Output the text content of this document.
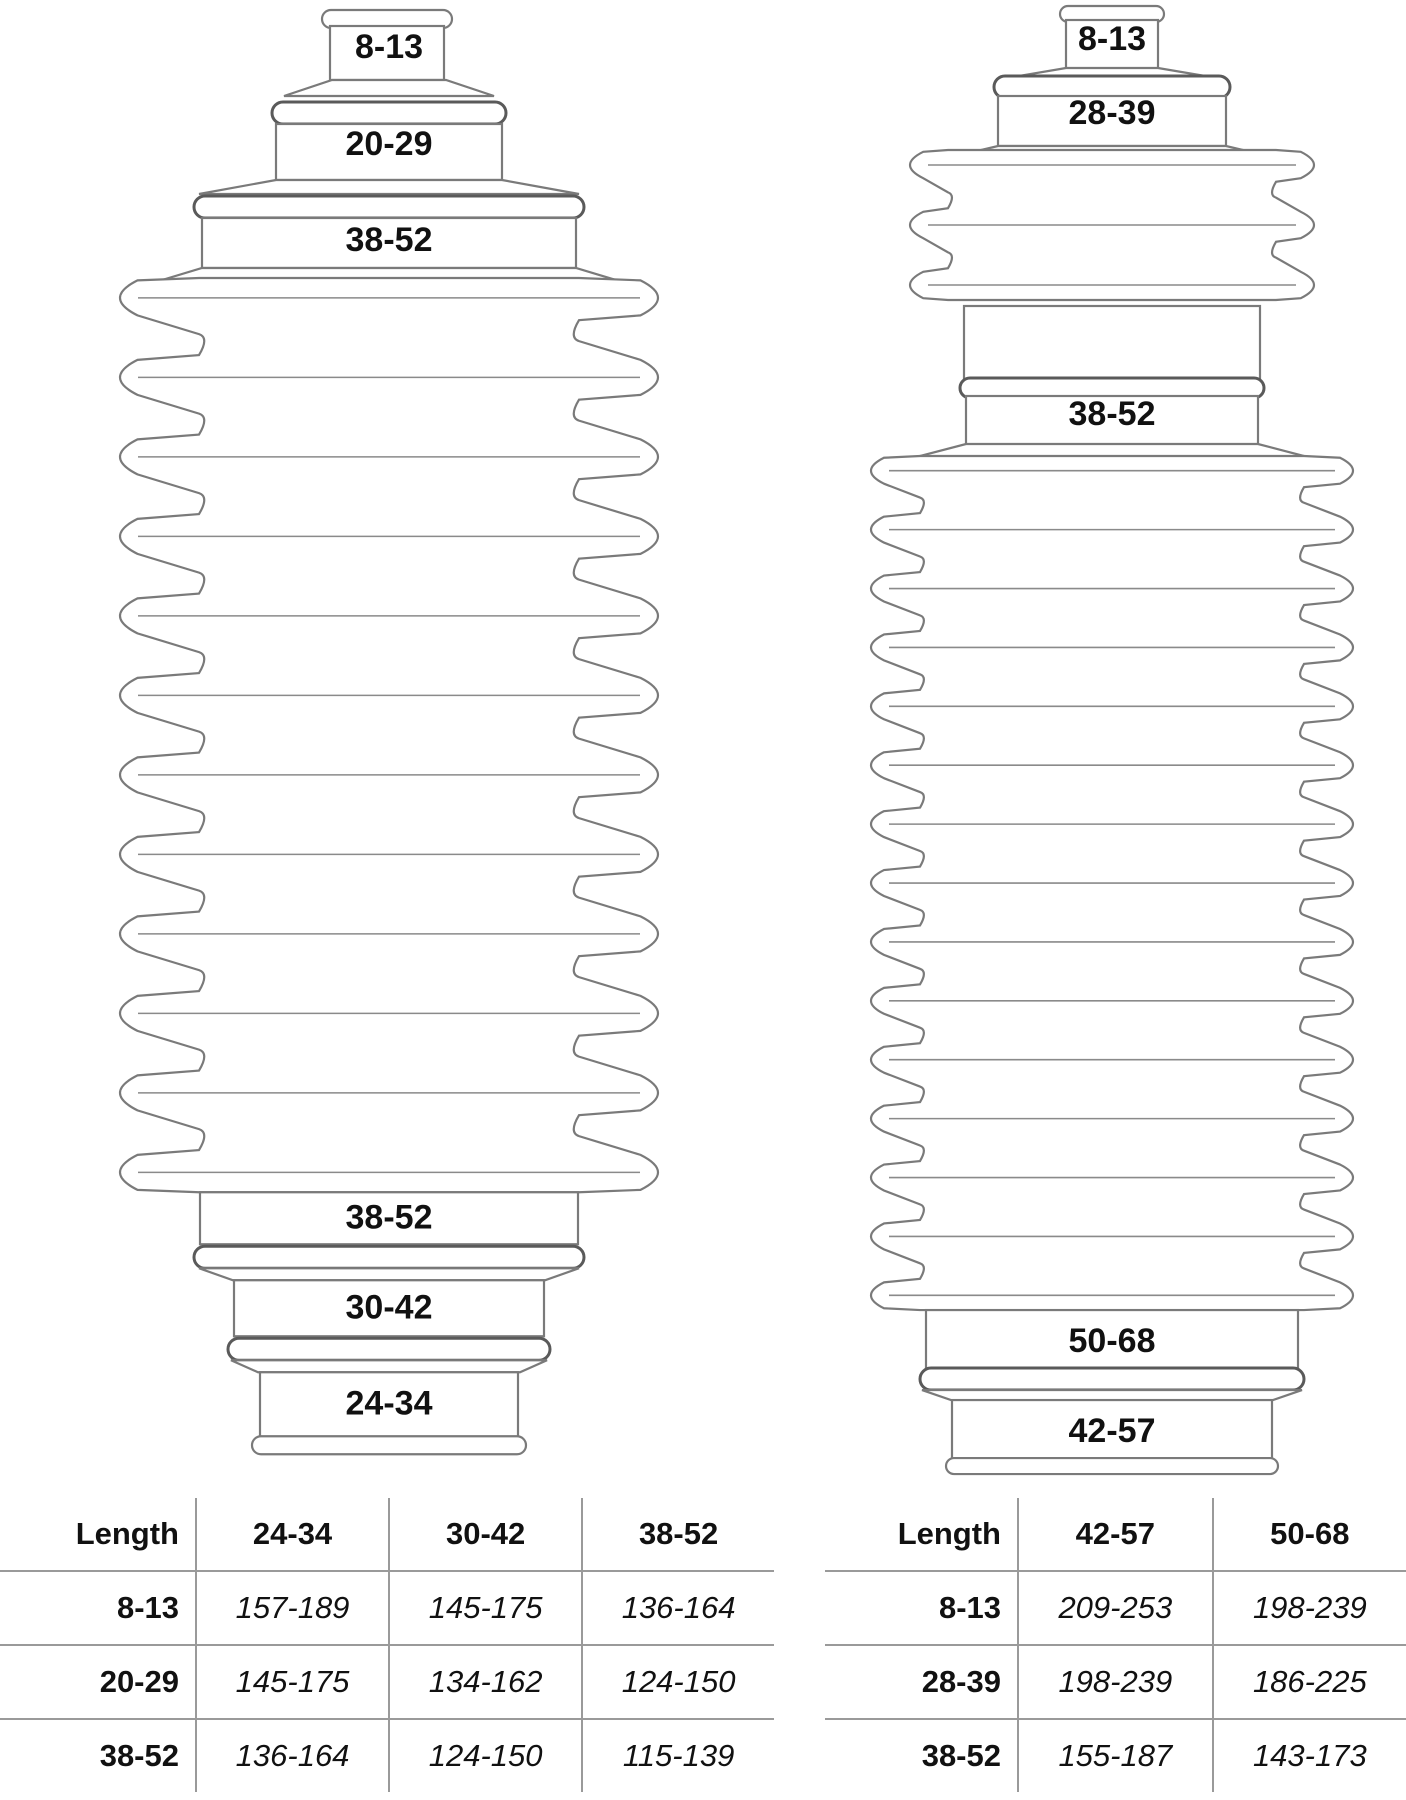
8-13
20-29
38-52
38-52
30-42
24-34
8-13
28-39
38-52
50-68
42-57
Length	24-34	30-42	38-52
8-13	157-189	145-175	136-164
20-29	145-175	134-162	124-150
38-52	136-164	124-150	115-139
Length	42-57	50-68
8-13	209-253	198-239
28-39	198-239	186-225
38-52	155-187	143-173
